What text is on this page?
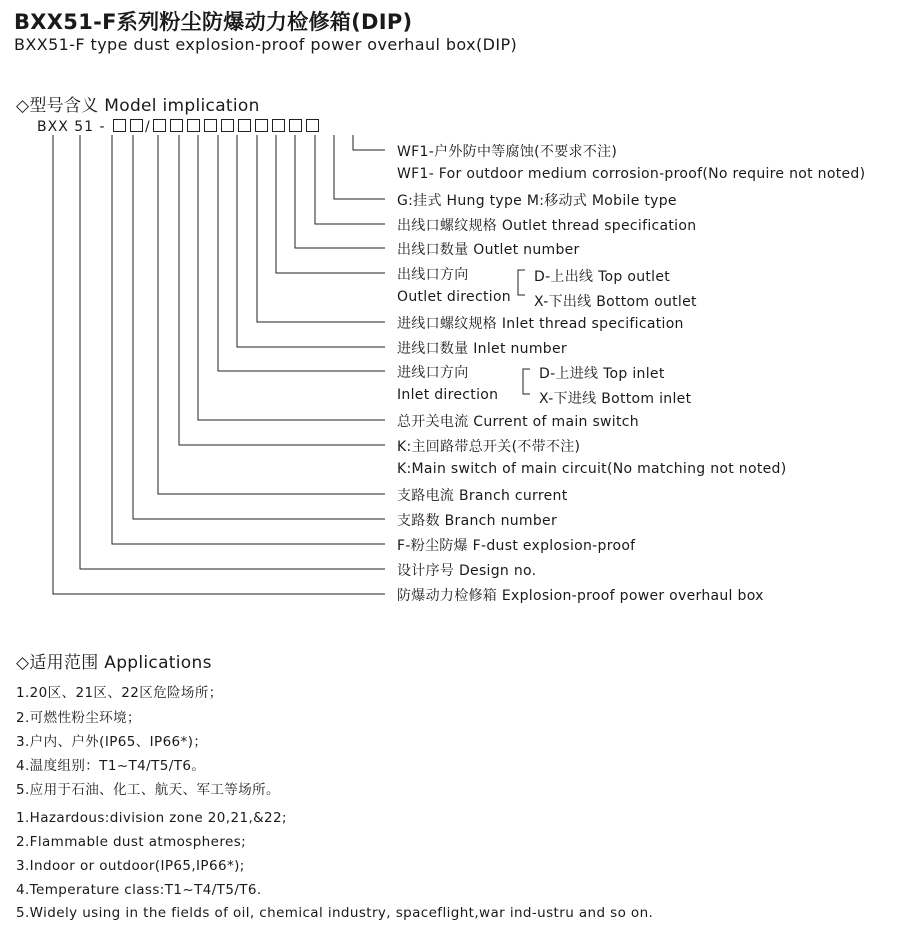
BXX51-F系列粉尘防爆动力检修箱(DIP)
BXX51-F type dust explosion-proof power overhaul box(DIP)
◇型号含义 Model implication
BXX 51 -	/
WF1-户外防中等腐蚀(不要求不注)
WF1- For outdoor medium corrosion-proof(No require not noted)
G:挂式 Hung type M:移动式 Mobile type
出线口螺纹规格 Outlet thread specification
出线口数量 Outlet number
出线口方向
Outlet direction
D-上出线 Top outlet
X-下出线 Bottom outlet
进线口螺纹规格 Inlet thread specification
进线口数量 Inlet number
进线口方向
Inlet direction
D-上进线 Top inlet
X-下进线 Bottom inlet
总开关电流 Current of main switch
K:主回路带总开关(不带不注)
K:Main switch of main circuit(No matching not noted)
支路电流 Branch current
支路数 Branch number
F-粉尘防爆 F-dust explosion-proof
设计序号 Design no.
防爆动力检修箱 Explosion-proof power overhaul box
◇适用范围 Applications
1.20区、21区、22区危险场所；
2.可燃性粉尘环境；
3.户内、户外(IP65、IP66*)；
4.温度组别：T1~T4/T5/T6。
5.应用于石油、化工、航天、军工等场所。
1.Hazardous:division zone 20,21,&22;
2.Flammable dust atmospheres;
3.Indoor or outdoor(IP65,IP66*);
4.Temperature class:T1~T4/T5/T6.
5.Widely using in the fields of oil, chemical industry, spaceflight,war ind-ustru and so on.
